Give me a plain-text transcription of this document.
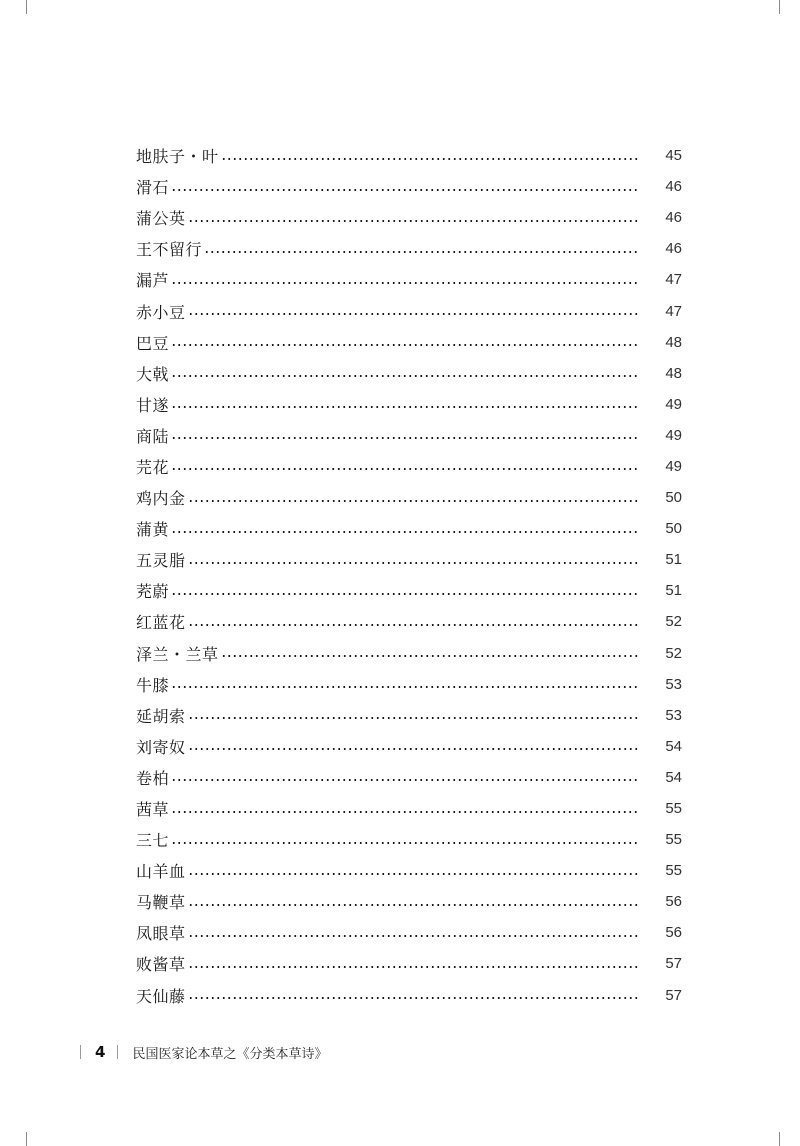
地肤子・叶	45
滑石	46
蒲公英	46
王不留行	46
漏芦	47
赤小豆	47
巴豆	48
大戟	48
甘遂	49
商陆	49
芫花	49
鸡内金	50
蒲黄	50
五灵脂	51
茺蔚	51
红蓝花	52
泽兰・兰草	52
牛膝	53
延胡索	53
刘寄奴	54
卷柏	54
茜草	55
三七	55
山羊血	55
马鞭草	56
凤眼草	56
败酱草	57
天仙藤	57
4 民国医家论本草之《分类本草诗》
